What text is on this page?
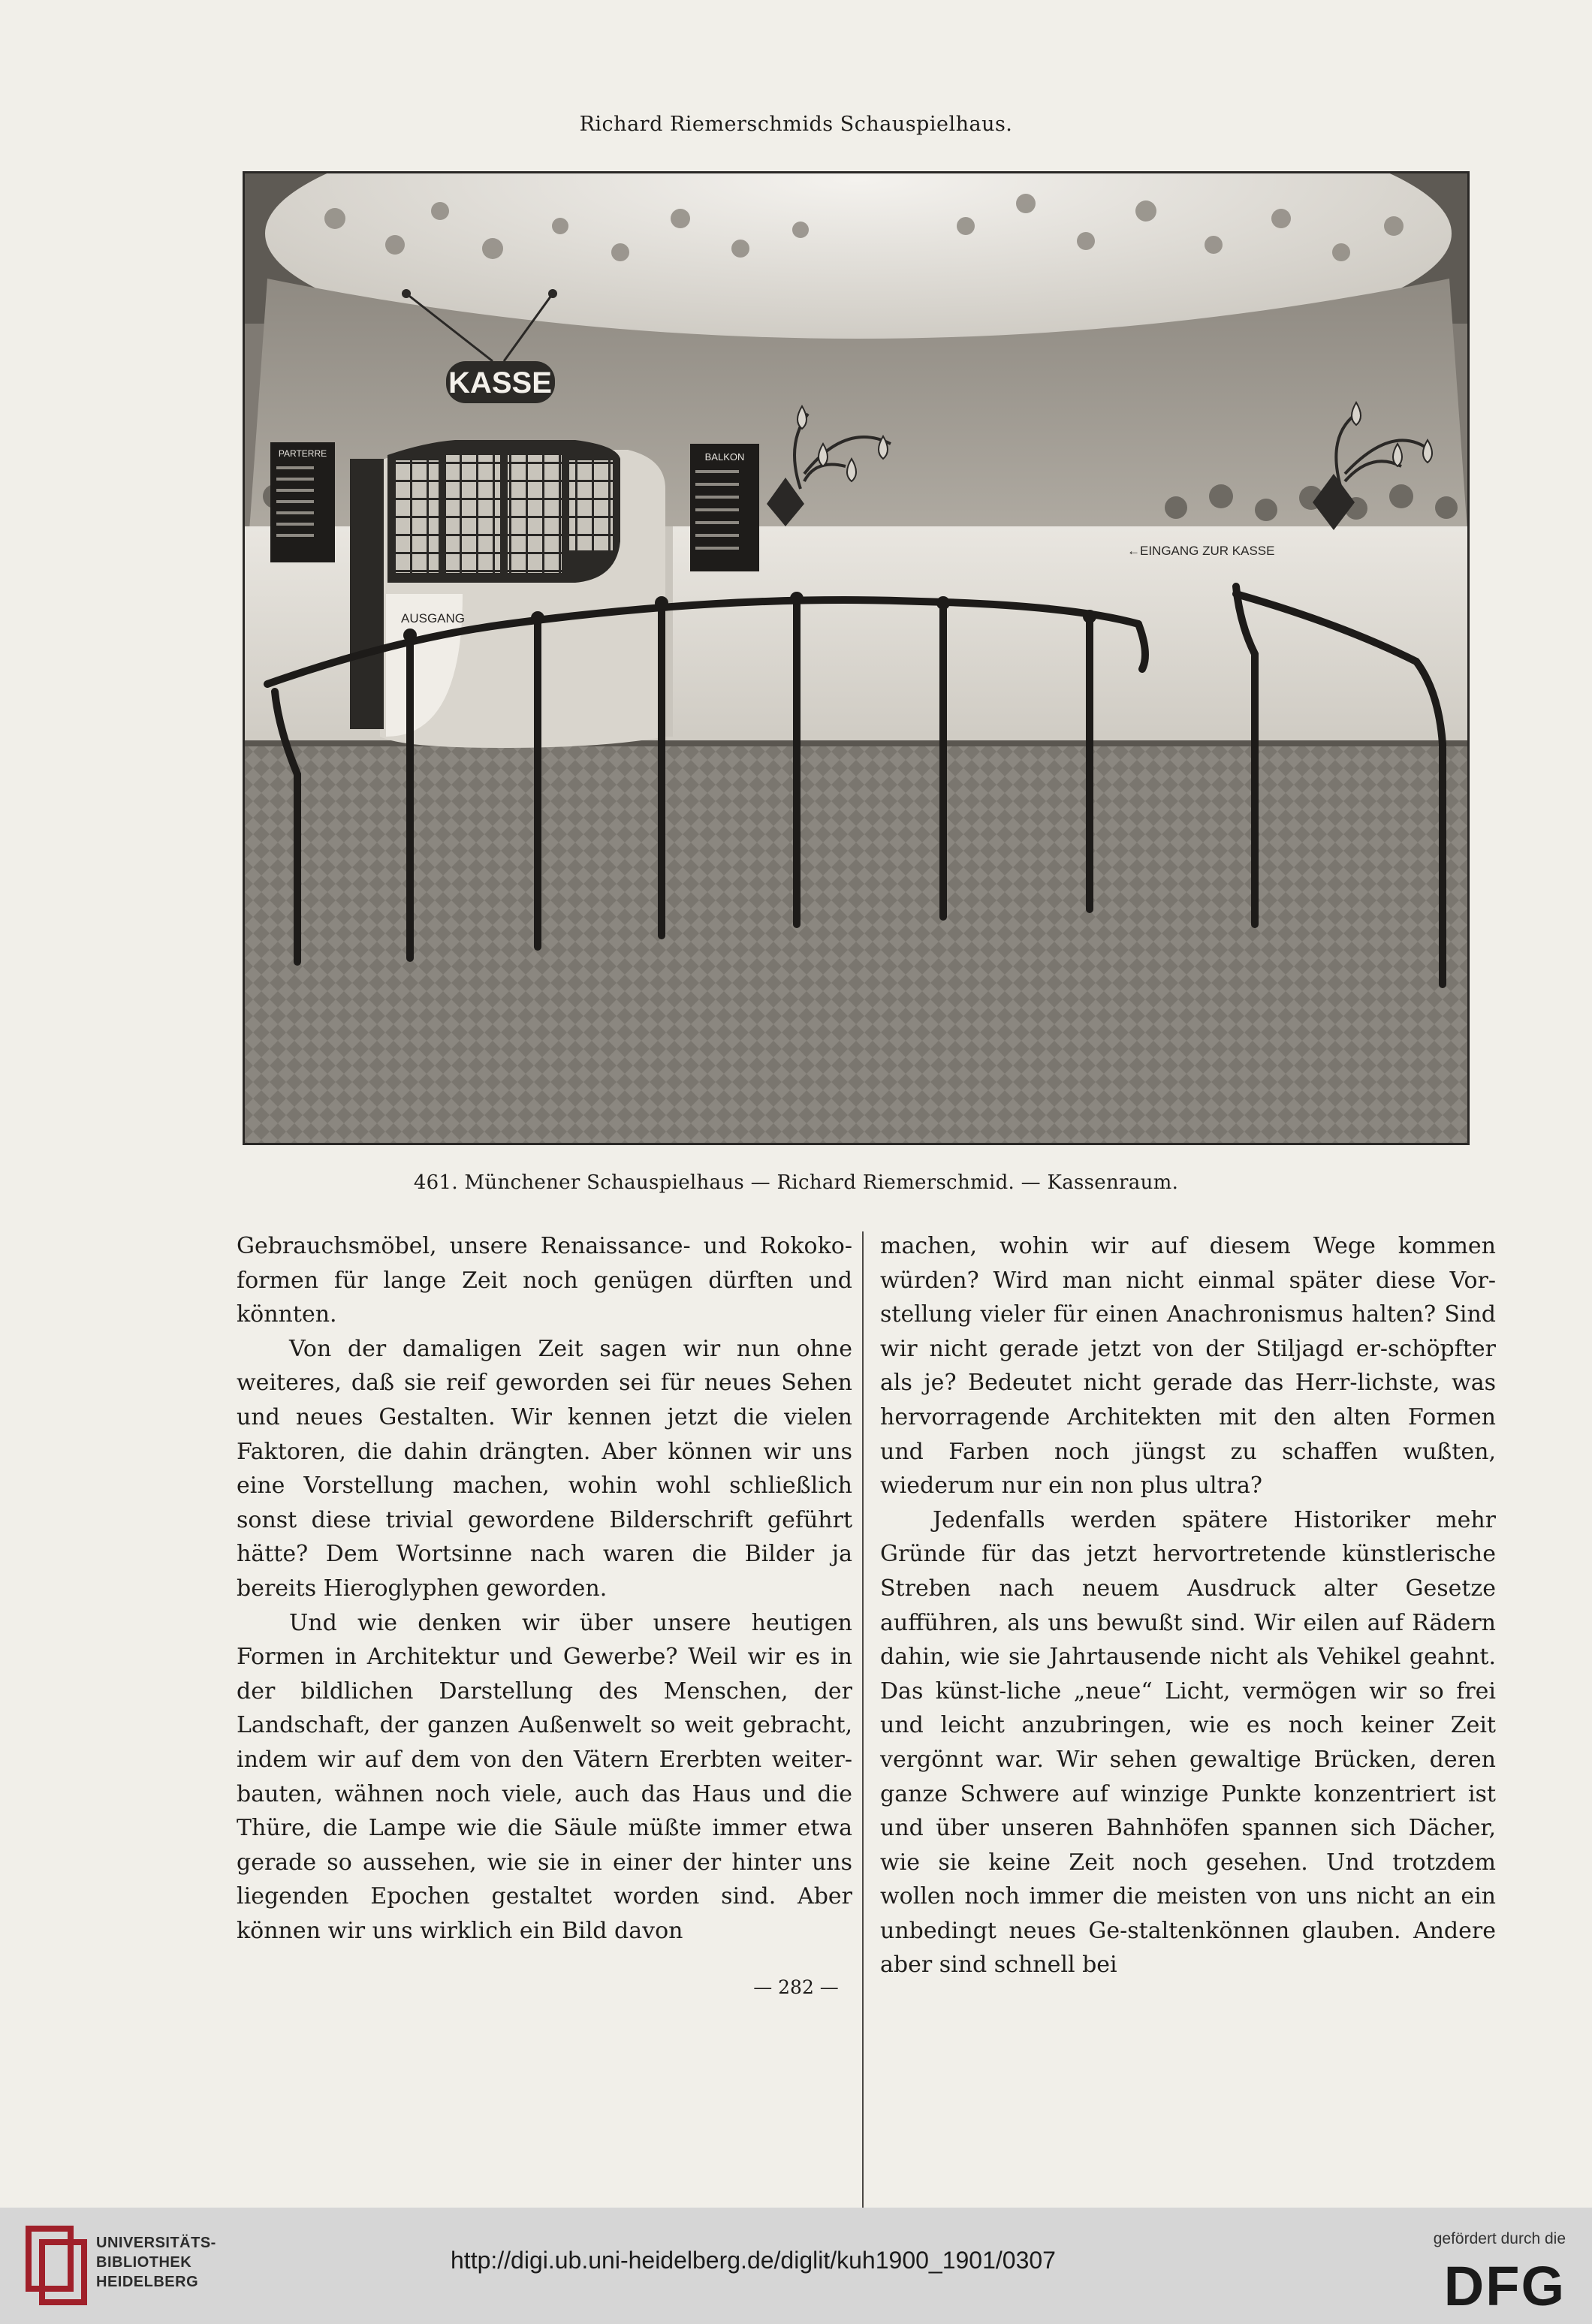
Richard Riemerschmids Schauspielhaus.
KASSE
PARTERRE	BALKON
AUSGANG
←EINGANG ZUR KASSE
461. Münchener Schauspielhaus — Richard Riemerschmid. — Kassenraum.

Gebrauchsmöbel, unsere Renaissance- und Rokoko-formen für lange Zeit noch genügen dürften und könnten.

Von der damaligen Zeit sagen wir nun ohne weiteres, daß sie reif geworden sei für neues Sehen und neues Gestalten. Wir kennen jetzt die vielen Faktoren, die dahin drängten. Aber können wir uns eine Vorstellung machen, wohin wohl schließlich sonst diese trivial gewordene Bilderschrift geführt hätte? Dem Wortsinne nach waren die Bilder ja bereits Hieroglyphen geworden.

Und wie denken wir über unsere heutigen Formen in Architektur und Gewerbe? Weil wir es in der bildlichen Darstellung des Menschen, der Landschaft, der ganzen Außenwelt so weit gebracht, indem wir auf dem von den Vätern Ererbten weiter-bauten, wähnen noch viele, auch das Haus und die Thüre, die Lampe wie die Säule müßte immer etwa gerade so aussehen, wie sie in einer der hinter uns liegenden Epochen gestaltet worden sind. Aber können wir uns wirklich ein Bild davon

machen, wohin wir auf diesem Wege kommen würden? Wird man nicht einmal später diese Vor-stellung vieler für einen Anachronismus halten? Sind wir nicht gerade jetzt von der Stiljagd er-schöpfter als je? Bedeutet nicht gerade das Herr-lichste, was hervorragende Architekten mit den alten Formen und Farben noch jüngst zu schaffen wußten, wiederum nur ein non plus ultra?

Jedenfalls werden spätere Historiker mehr Gründe für das jetzt hervortretende künstlerische Streben nach neuem Ausdruck alter Gesetze aufführen, als uns bewußt sind. Wir eilen auf Rädern dahin, wie sie Jahrtausende nicht als Vehikel geahnt. Das künst-liche „neue“ Licht, vermögen wir so frei und leicht anzubringen, wie es noch keiner Zeit vergönnt war. Wir sehen gewaltige Brücken, deren ganze Schwere auf winzige Punkte konzentriert ist und über unseren Bahnhöfen spannen sich Dächer, wie sie keine Zeit noch gesehen. Und trotzdem wollen noch immer die meisten von uns nicht an ein unbedingt neues Ge-staltenkönnen glauben. Andere aber sind schnell bei

— 282 —
UNIVERSITÄTS-
BIBLIOTHEK
HEIDELBERG
http://digi.ub.uni-heidelberg.de/diglit/kuh1900_1901/0307
gefördert durch die
DFG
